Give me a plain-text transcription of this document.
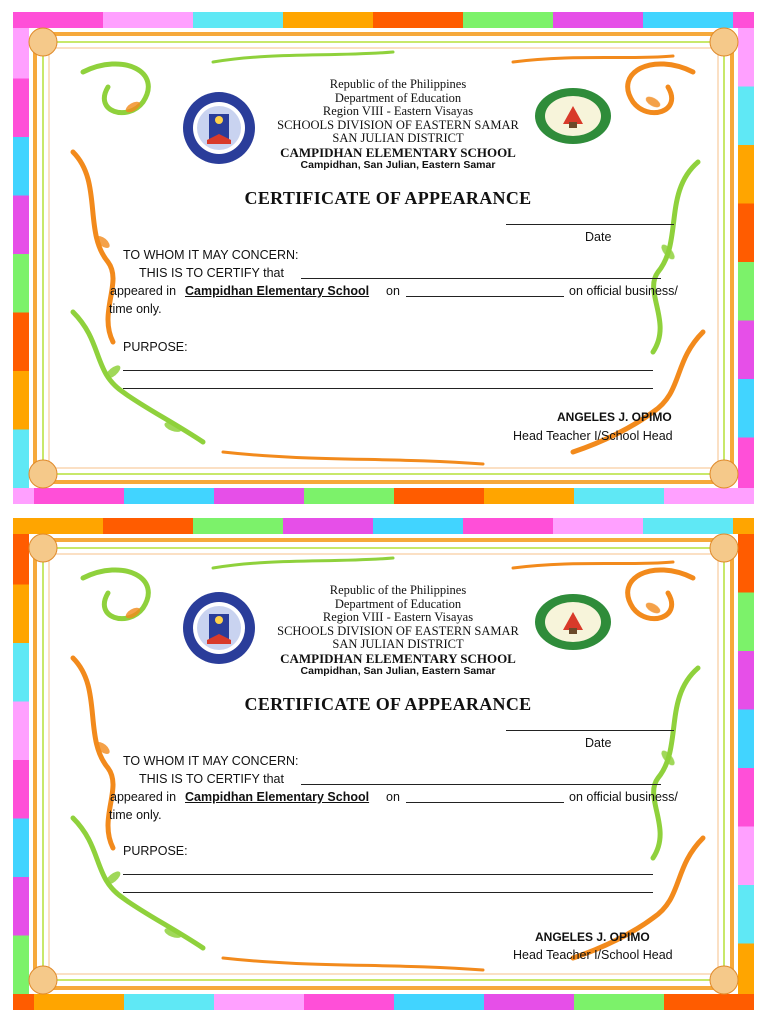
Republic of the Philippines
Department of Education
Region VIII - Eastern Visayas
SCHOOLS DIVISION OF EASTERN SAMAR
SAN JULIAN DISTRICT
CAMPIDHAN ELEMENTARY SCHOOL
Campidhan, San Julian, Eastern Samar
CERTIFICATE OF APPEARANCE
Date
TO WHOM IT MAY CONCERN:
THIS IS TO CERTIFY that
appeared in Campidhan Elementary School on	on official business/
time only.
PURPOSE:
ANGELES J. OPIMO
Head Teacher I/School Head
Republic of the Philippines
Department of Education
Region VIII - Eastern Visayas
SCHOOLS DIVISION OF EASTERN SAMAR
SAN JULIAN DISTRICT
CAMPIDHAN ELEMENTARY SCHOOL
Campidhan, San Julian, Eastern Samar
CERTIFICATE OF APPEARANCE
Date
TO WHOM IT MAY CONCERN:
THIS IS TO CERTIFY that
appeared in Campidhan Elementary School on	on official business/
time only.
PURPOSE:
ANGELES J. OPIMO
Head Teacher I/School Head
